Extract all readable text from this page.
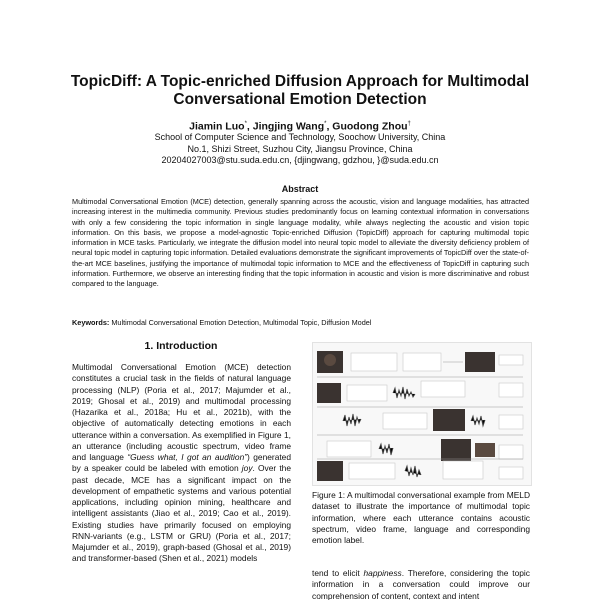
TopicDiff: A Topic-enriched Diffusion Approach for Multimodal
Conversational Emotion Detection
Jiamin Luo*, Jingjing Wang*, Guodong Zhou†
School of Computer Science and Technology, Soochow University, China
No.1, Shizi Street, Suzhou City, Jiangsu Province, China
20204027003@stu.suda.edu.cn, {djingwang, gdzhou, }@suda.edu.cn
Abstract
Multimodal Conversational Emotion (MCE) detection, generally spanning across the acoustic, vision and language modalities, has attracted increasing interest in the multimedia community. Previous studies predominantly focus on learning contextual information in conversations with only a few considering the topic information in single language modality, while always neglecting the acoustic and vision topic information. On this basis, we propose a model-agnostic Topic-enriched Diffusion (TopicDiff) approach for capturing multimodal topic information in MCE tasks. Particularly, we integrate the diffusion model into neural topic model to alleviate the diversity deficiency problem of neural topic model in capturing topic information. Detailed evaluations demonstrate the significant improvements of TopicDiff over the state-of-the-art MCE baselines, justifying the importance of multimodal topic information to MCE and the effectiveness of TopicDiff in capturing such information. Furthermore, we observe an interesting finding that the topic information in acoustic and vision is more discriminative and robust compared to the language.
Keywords: Multimodal Conversational Emotion Detection, Multimodal Topic, Diffusion Model
1. Introduction
Multimodal Conversational Emotion (MCE) detection constitutes a crucial task in the fields of natural language processing (NLP) (Poria et al., 2017; Majumder et al., 2019; Ghosal et al., 2019) and multimodal processing (Hazarika et al., 2018a; Hu et al., 2021b), with the objective of automatically detecting emotions in each utterance within a conversation. As exemplified in Figure 1, an utterance (including acoustic spectrum, video frame and language “Guess what, I got an audition”) generated by a speaker could be labeled with emotion joy. Over the past decade, MCE has a significant impact on the development of empathetic systems and various potential applications, including opinion mining, healthcare and intelligent assistants (Jiao et al., 2019; Cao et al., 2019). Existing studies have primarily focused on employing RNN-variants (e.g., LSTM or GRU) (Poria et al., 2017; Majumder et al., 2019), graph-based (Ghosal et al., 2019) and transformer-based (Shen et al., 2021) models
Figure 1: A multimodal conversational example from MELD dataset to illustrate the importance of multimodal topic information, where each utterance contains acoustic spectrum, video frame, language and corresponding emotion label.
tend to elicit happiness. Therefore, considering the topic information in a conversation could improve our comprehension of content, context and intent
